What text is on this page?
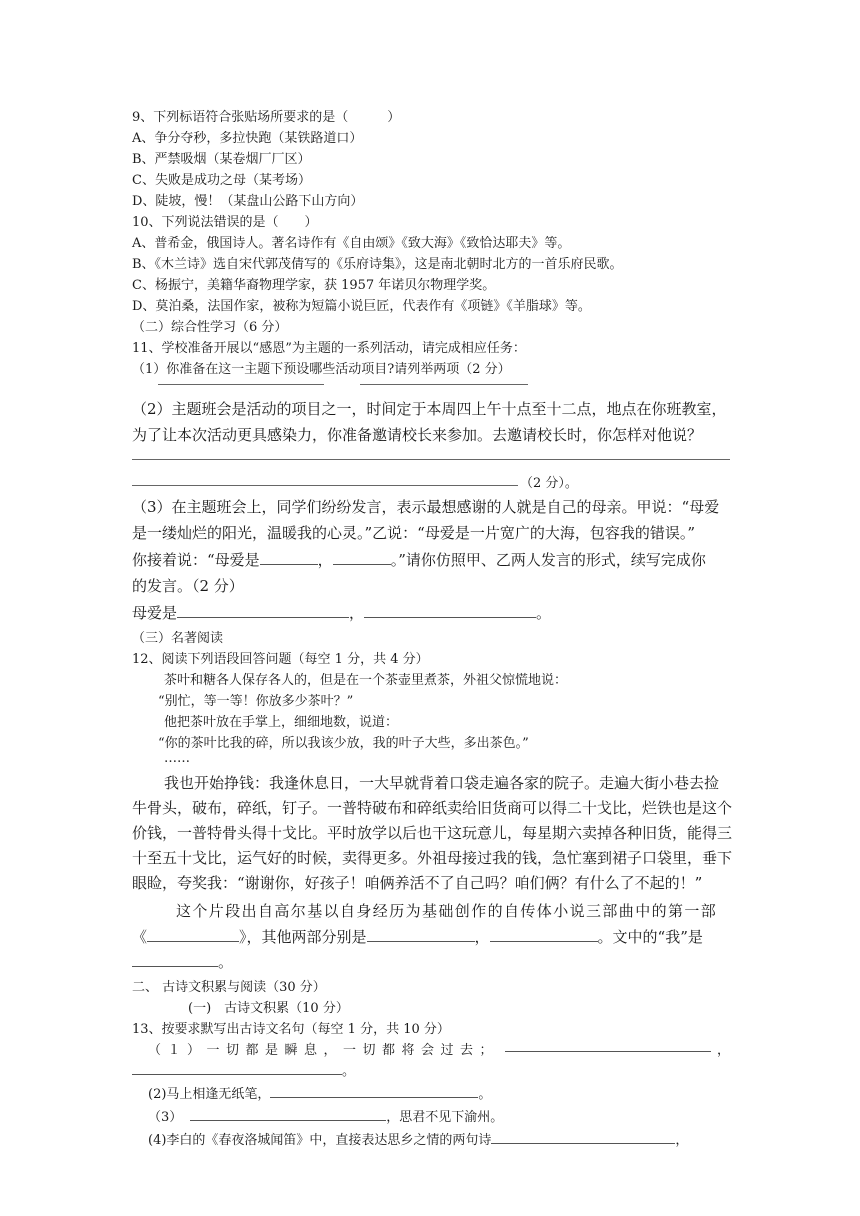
9、下列标语符合张贴场所要求的是（　　　）
A、争分夺秒，多拉快跑（某铁路道口）
B、严禁吸烟（某卷烟厂厂区）
C、失败是成功之母（某考场）
D、陡坡，慢！（某盘山公路下山方向）
10、下列说法错误的是（　　）
A、普希金，俄国诗人。著名诗作有《自由颂》《致大海》《致恰达耶夫》等。
B、《木兰诗》选自宋代郭茂倩写的《乐府诗集》，这是南北朝时北方的一首乐府民歌。
C、杨振宁，美籍华裔物理学家，获 1957 年诺贝尔物理学奖。
D、莫泊桑，法国作家，被称为短篇小说巨匠，代表作有《项链》《羊脂球》等。
（二）综合性学习（6 分）
11、学校准备开展以“感恩”为主题的一系列活动，请完成相应任务：
（1）你准备在这一主题下预设哪些活动项目?请列举两项（2 分）
（2）主题班会是活动的项目之一，时间定于本周四上午十点至十二点，地点在你班教室，
为了让本次活动更具感染力，你准备邀请校长来参加。去邀请校长时，你怎样对他说？
（2 分）。
（3）在主题班会上，同学们纷纷发言，表示最想感谢的人就是自己的母亲。甲说：“母爱
是一缕灿烂的阳光，温暖我的心灵。”乙说：“母爱是一片宽广的大海，包容我的错误。”
你接着说：“母爱是	，	。”请你仿照甲、乙两人发言的形式，续写完成你
的发言。（2 分）
母爱是	，	。
（三）名著阅读
12、阅读下列语段回答问题（每空 1 分，共 4 分）
茶叶和糖各人保存各人的，但是在一个茶壶里煮茶，外祖父惊慌地说：
“别忙，等一等！你放多少茶叶？”
他把茶叶放在手掌上，细细地数，说道：
“你的茶叶比我的碎，所以我该少放，我的叶子大些，多出茶色。”
……
我也开始挣钱：我逢休息日，一大早就背着口袋走遍各家的院子。走遍大街小巷去捡
牛骨头，破布，碎纸，钉子。一普特破布和碎纸卖给旧货商可以得二十戈比，烂铁也是这个
价钱，一普特骨头得十戈比。平时放学以后也干这玩意儿，每星期六卖掉各种旧货，能得三
十至五十戈比，运气好的时候，卖得更多。外祖母接过我的钱，急忙塞到裙子口袋里，垂下
眼睑，夸奖我：“谢谢你，好孩子！咱俩养活不了自己吗？咱们俩？有什么了不起的！”
这个片段出自高尔基以自身经历为基础创作的自传体小说三部曲中的第一部
《	》，其他两部分别是	，	。文中的“我”是
。
二、 古诗文积累与阅读（30 分）
(一)　古诗文积累（10 分）
13、按要求默写出古诗文名句（每空 1 分，共 10 分）
（１）一切都是瞬息，一切都将会过去；	，
。
(2)马上相逢无纸笔，	。
（3）	，思君不见下渝州。
(4)李白的《春夜洛城闻笛》中，直接表达思乡之情的两句诗	，
